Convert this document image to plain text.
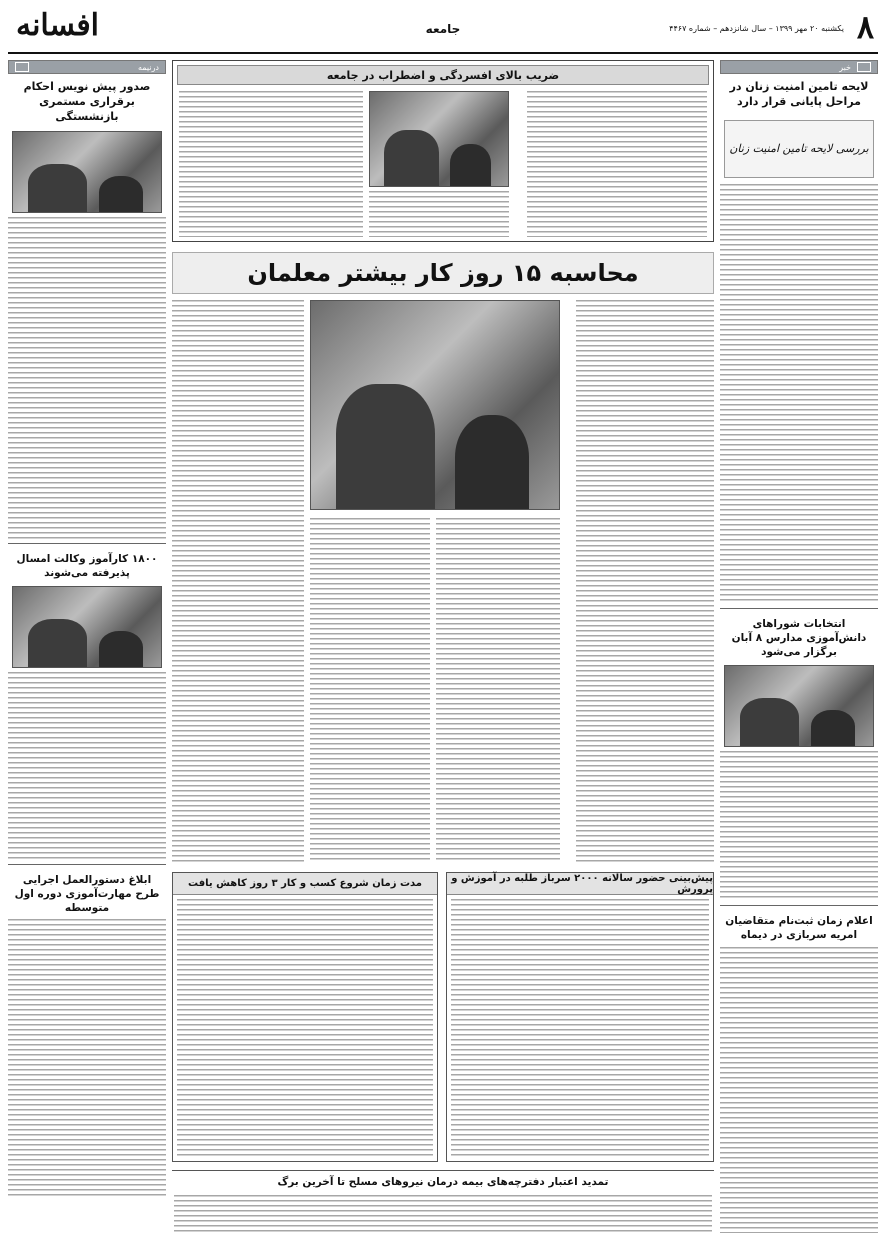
۸
یکشنبه ۲۰ مهر ۱۳۹۹ – سال شانزدهم – شماره ۴۴۶۷
جامعه
افسانه
خبر
لایحه تامین امنیت زنان در مراحل پایانی قرار دارد
بررسی لایحه تامین امنیت زنان
انتخابات شوراهای دانش‌آموزی مدارس ۸ آبان برگزار می‌شود
اعلام زمان ثبت‌نام متقاضیان امریه سربازی در دیماه
درنیمه
صدور پیش نویس احکام برقراری مستمری بازنشستگی
۱۸۰۰ کارآموز وکالت امسال پذیرفته می‌شوند
ابلاغ دستورالعمل اجرایی طرح مهارت‌آموزی دوره اول متوسطه
ضریب بالای افسردگی و اضطراب در جامعه
محاسبه ۱۵ روز کار بیشتر معلمان
پیش‌بینی حضور سالانه ۲۰۰۰ سرباز طلبه در آموزش و پرورش
مدت زمان شروع کسب و کار ۳ روز کاهش یافت
تمدید اعتبار دفترچه‌های بیمه درمان نیروهای مسلح تا آخرین برگ
